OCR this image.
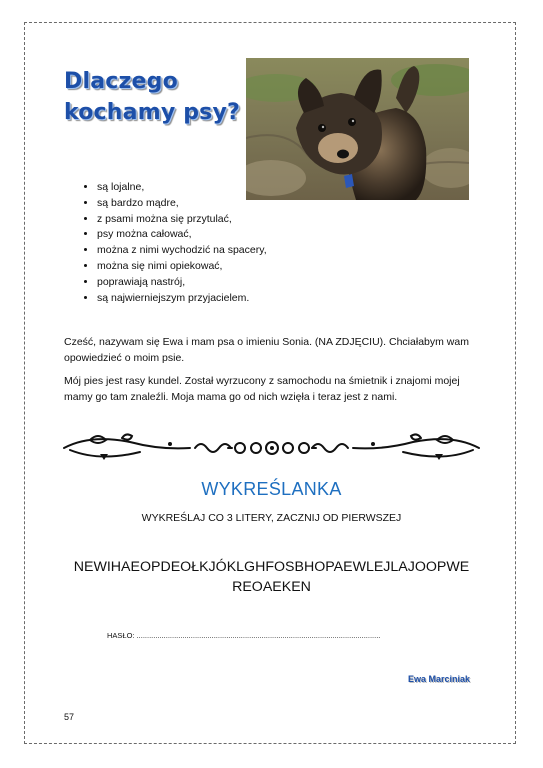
Dlaczego
kochamy psy?
• są lojalne,
• są bardzo mądre,
• z psami można się przytulać,
• psy można całować,
• można z nimi wychodzić na spacery,
• można się nimi opiekować,
• poprawiają nastrój,
• są najwierniejszym przyjacielem.

Cześć, nazywam się Ewa i mam psa o imieniu Sonia. (NA ZDJĘCIU). Chciałabym wam opowiedzieć o moim psie.

Mój pies jest rasy kundel. Został wyrzucony z samochodu na śmietnik i znajomi mojej mamy go tam znaleźli. Moja mama go od nich wzięła i teraz jest z nami.

WYKREŚLANKA

WYKREŚLAJ CO 3 LITERY, ZACZNIJ OD PIERWSZEJ

NEWIHAEOPDEOŁKJÓKLGHFOSBHOPAEWLEJLAJOOPWE
REOAEKEN

HASŁO: .....................................................................................................................

Ewa Marciniak

57
